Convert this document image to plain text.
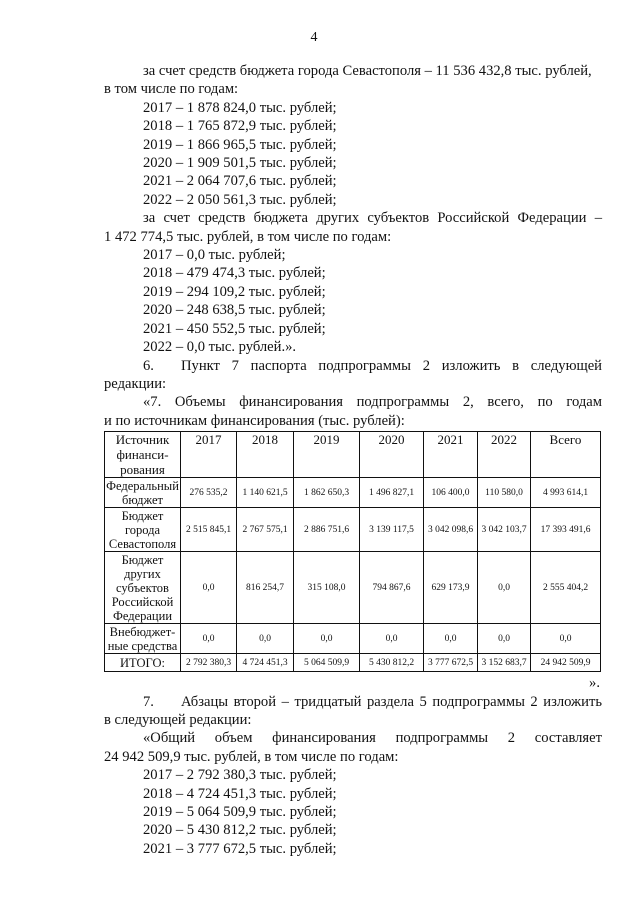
4

за счет средств бюджета города Севастополя – 11 536 432,8 тыс. рублей,

в том числе по годам:

2017 – 1 878 824,0 тыс. рублей;

2018 – 1 765 872,9 тыс. рублей;

2019 – 1 866 965,5 тыс. рублей;

2020 – 1 909 501,5 тыс. рублей;

2021 – 2 064 707,6 тыс. рублей;

2022 – 2 050 561,3 тыс. рублей;

за счет средств бюджета других субъектов Российской Федерации –

1 472 774,5 тыс. рублей, в том числе по годам:

2017 – 0,0 тыс. рублей;

2018 – 479 474,3 тыс. рублей;

2019 – 294 109,2 тыс. рублей;

2020 – 248 638,5 тыс. рублей;

2021 – 450 552,5 тыс. рублей;

2022 – 0,0 тыс. рублей.».

6. Пункт 7 паспорта подпрограммы 2 изложить в следующей

редакции:

«7. Объемы финансирования подпрограммы 2, всего, по годам

и по источникам финансирования (тыс. рублей):

Источник финанси-рования	2017	2018	2019	2020	2021	2022	Всего
Федеральный бюджет	276 535,2	1 140 621,5	1 862 650,3	1 496 827,1	106 400,0	110 580,0	4 993 614,1
Бюджет города Севастополя	2 515 845,1	2 767 575,1	2 886 751,6	3 139 117,5	3 042 098,6	3 042 103,7	17 393 491,6
Бюджет других субъектов Российской Федерации	0,0	816 254,7	315 108,0	794 867,6	629 173,9	0,0	2 555 404,2
Внебюджет-ные средства	0,0	0,0	0,0	0,0	0,0	0,0	0,0
ИТОГО:	2 792 380,3	4 724 451,3	5 064 509,9	5 430 812,2	3 777 672,5	3 152 683,7	24 942 509,9

».

7. Абзацы второй – тридцатый раздела 5 подпрограммы 2 изложить

в следующей редакции:

«Общий объем финансирования подпрограммы 2 составляет

24 942 509,9 тыс. рублей, в том числе по годам:

2017 – 2 792 380,3 тыс. рублей;

2018 – 4 724 451,3 тыс. рублей;

2019 – 5 064 509,9 тыс. рублей;

2020 – 5 430 812,2 тыс. рублей;

2021 – 3 777 672,5 тыс. рублей;
